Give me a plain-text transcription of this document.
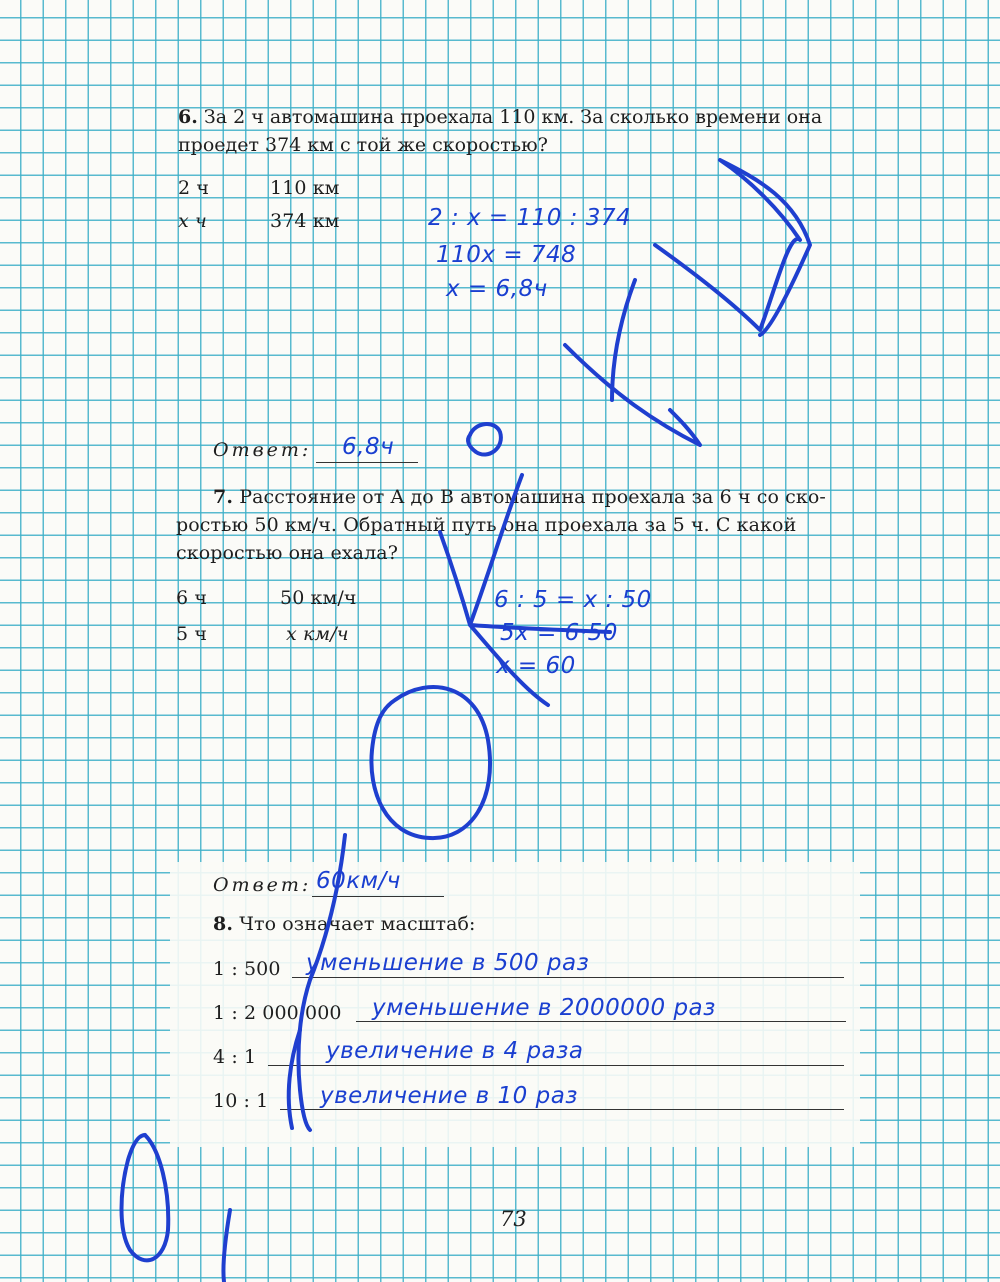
6. За 2 ч автомашина проехала 110 км. За сколько времени она проедет 374 км с той же скоростью?
2 ч	110 км
x ч	374 км	2 : x = 110 : 374
110x = 748
x = 6,8ч
Ответ: 6,8ч
7. Расстояние от A до B автомашина проехала за 6 ч со ско-
ростью 50 км/ч. Обратный путь она проехала за 5 ч. С какой
скоростью она ехала?
6 ч	50 км/ч
5 ч	x км/ч
6 : 5 = x : 50
5x = 6·50
x = 60
Ответ: 60км/ч
8. Что означает масштаб:
1 : 500 уменьшение в 500 раз
1 : 2 000 000 уменьшение в 2000000 раз
4 : 1	увеличение в 4 раза
10 : 1 увеличение в 10 раз
73
